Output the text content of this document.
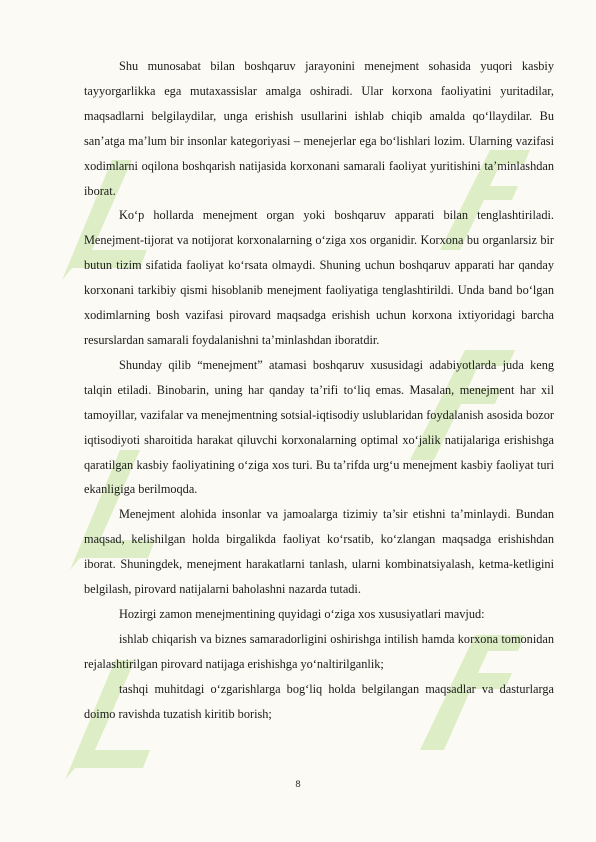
Shu munosabat bilan boshqaruv jarayonini menejment sohasida yuqori kasbiy tayyorgarlikka ega mutaxassislar amalga oshiradi. Ular korxona faoliyatini yuritadilar, maqsadlarni belgilaydilar, unga erishish usullarini ishlab chiqib amalda qo‘llaydilar. Bu san’atga ma’lum bir insonlar kategoriyasi – menejerlar ega bo‘lishlari lozim. Ularning vazifasi xodimlarni oqilona boshqarish natijasida korxonani samarali faoliyat yuritishini ta’minlashdan iborat.

Ko‘p hollarda menejment organ yoki boshqaruv apparati bilan tenglashtiriladi. Menejment-tijorat va notijorat korxonalarning o‘ziga xos organidir. Korxona bu organlarsiz bir butun tizim sifatida faoliyat ko‘rsata olmaydi. Shuning uchun boshqaruv apparati har qanday korxonani tarkibiy qismi hisoblanib menejment faoliyatiga tenglashtirildi. Unda band bo‘lgan xodimlarning bosh vazifasi pirovard maqsadga erishish uchun korxona ixtiyoridagi barcha resurslardan samarali foydalanishni ta’minlashdan iboratdir.

Shunday qilib “menejment” atamasi boshqaruv xususidagi adabiyotlarda juda keng talqin etiladi. Binobarin, uning har qanday ta’rifi to‘liq emas. Masalan, menejment har xil tamoyillar, vazifalar va menejmentning sotsial-iqtisodiy uslublaridan foydalanish asosida bozor iqtisodiyoti sharoitida harakat qiluvchi korxonalarning optimal xo‘jalik natijalariga erishishga qaratilgan kasbiy faoliyatining o‘ziga xos turi. Bu ta’rifda urg‘u menejment kasbiy faoliyat turi ekanligiga berilmoqda.

Menejment alohida insonlar va jamoalarga tizimiy ta’sir etishni ta’minlaydi. Bundan maqsad, kelishilgan holda birgalikda faoliyat ko‘rsatib, ko‘zlangan maqsadga erishishdan iborat. Shuningdek, menejment harakatlarni tanlash, ularni kombinatsiyalash, ketma-ketligini belgilash, pirovard natijalarni baholashni nazarda tutadi.

Hozirgi zamon menejmentining quyidagi o‘ziga xos xususiyatlari mavjud:

ishlab chiqarish va biznes samaradorligini oshirishga intilish hamda korxona tomonidan rejalashtirilgan pirovard natijaga erishishga yo‘naltirilganlik;

tashqi muhitdagi o‘zgarishlarga bog‘liq holda belgilangan maqsadlar va dasturlarga doimo ravishda tuzatish kiritib borish;

8
